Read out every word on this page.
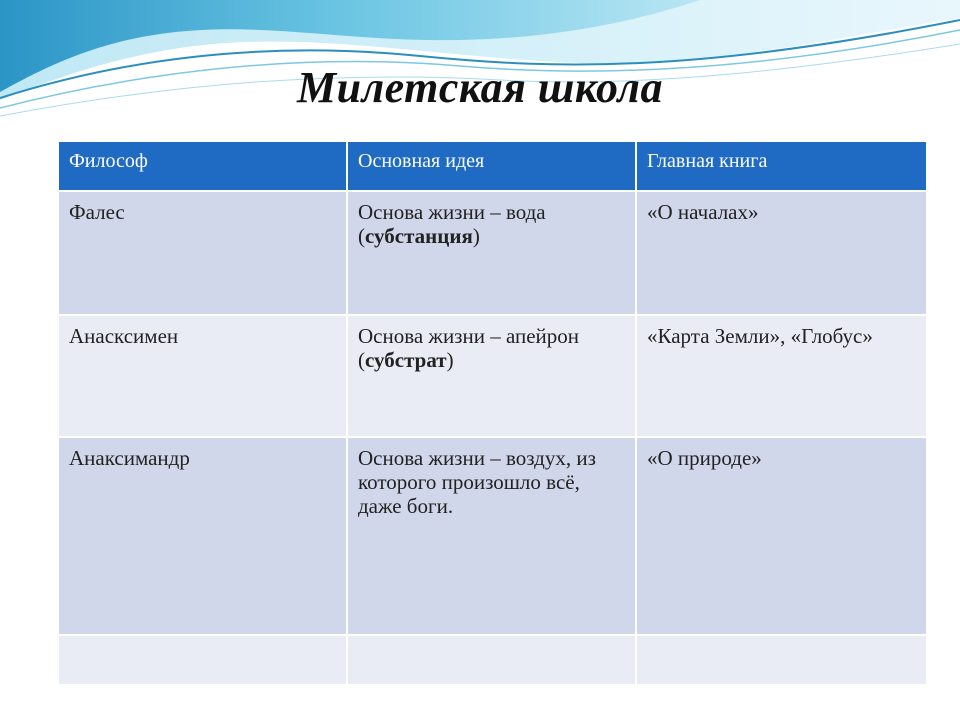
Милетская школа
Философ	Основная идея	Главная книга
Фалес	Основа жизни – вода (субстанция)	«О началах»
Анасксимен	Основа жизни – апейрон (субстрат)	«Карта Земли», «Глобус»
Анаксимандр	Основа жизни – воздух, из которого произошло всё, даже боги.	«О природе»
